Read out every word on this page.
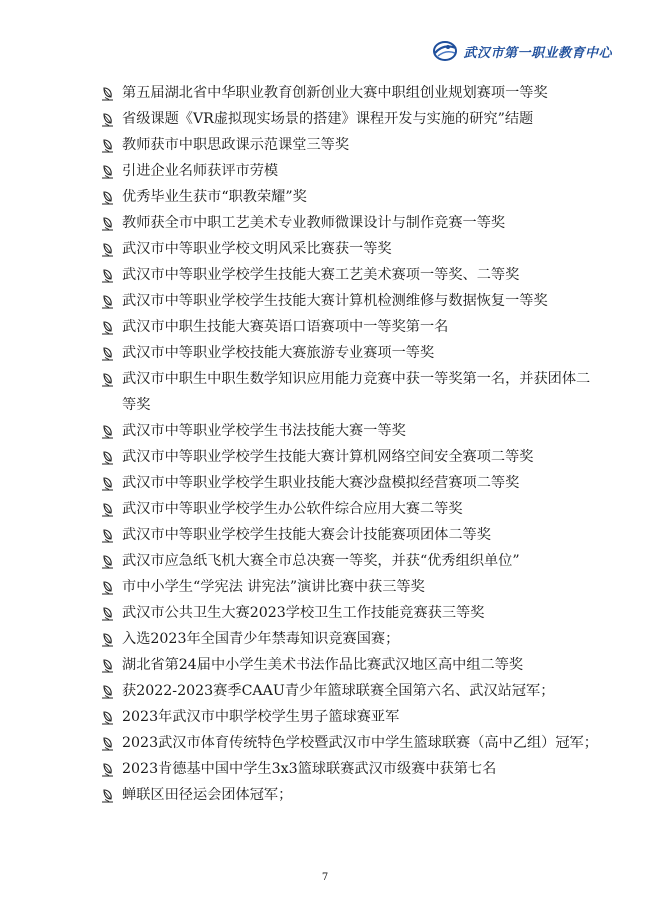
武汉市第一职业教育中心
第五届湖北省中华职业教育创新创业大赛中职组创业规划赛项一等奖
省级课题《VR虚拟现实场景的搭建》课程开发与实施的研究”结题
教师获市中职思政课示范课堂三等奖
引进企业名师获评市劳模
优秀毕业生获市“职教荣耀”奖
教师获全市中职工艺美术专业教师微课设计与制作竞赛一等奖
武汉市中等职业学校文明风采比赛获一等奖
武汉市中等职业学校学生技能大赛工艺美术赛项一等奖、二等奖
武汉市中等职业学校学生技能大赛计算机检测维修与数据恢复一等奖
武汉市中职生技能大赛英语口语赛项中一等奖第一名
武汉市中等职业学校技能大赛旅游专业赛项一等奖
武汉市中职生中职生数学知识应用能力竞赛中获一等奖第一名，并获团体二等奖
武汉市中等职业学校学生书法技能大赛一等奖
武汉市中等职业学校学生技能大赛计算机网络空间安全赛项二等奖
武汉市中等职业学校学生职业技能大赛沙盘模拟经营赛项二等奖
武汉市中等职业学校学生办公软件综合应用大赛二等奖
武汉市中等职业学校学生技能大赛会计技能赛项团体二等奖
武汉市应急纸飞机大赛全市总决赛一等奖，并获“优秀组织单位”
市中小学生“学宪法 讲宪法”演讲比赛中获三等奖
武汉市公共卫生大赛2023学校卫生工作技能竞赛获三等奖
入选2023年全国青少年禁毒知识竞赛国赛；
湖北省第24届中小学生美术书法作品比赛武汉地区高中组二等奖
获2022-2023赛季CAAU青少年篮球联赛全国第六名、武汉站冠军；
2023年武汉市中职学校学生男子篮球赛亚军
2023武汉市体育传统特色学校暨武汉市中学生篮球联赛（高中乙组）冠军；
2023肯德基中国中学生3x3篮球联赛武汉市级赛中获第七名
蝉联区田径运会团体冠军；
7
